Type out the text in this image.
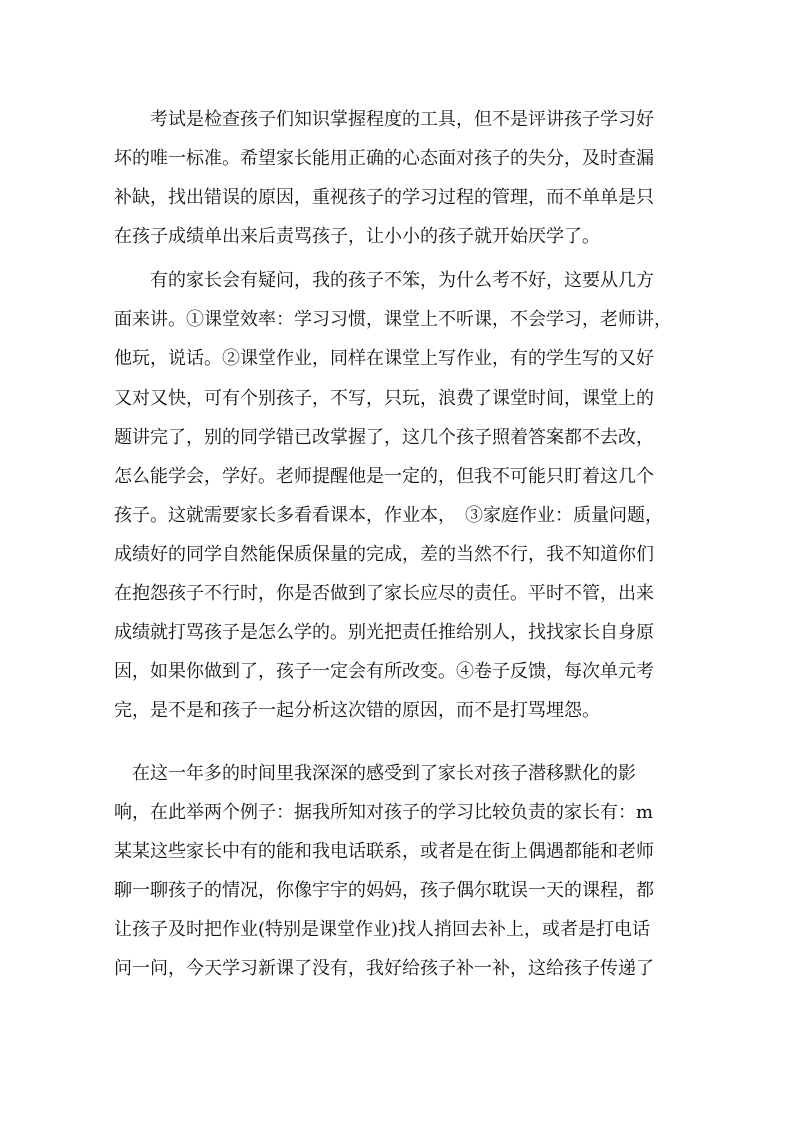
　　考试是检查孩子们知识掌握程度的工具，但不是评讲孩子学习好
坏的唯一标准。希望家长能用正确的心态面对孩子的失分，及时查漏
补缺，找出错误的原因，重视孩子的学习过程的管理，而不单单是只
在孩子成绩单出来后责骂孩子，让小小的孩子就开始厌学了。
　　有的家长会有疑问，我的孩子不笨，为什么考不好，这要从几方
面来讲。①课堂效率：学习习惯，课堂上不听课，不会学习，老师讲，
他玩，说话。②课堂作业，同样在课堂上写作业，有的学生写的又好
又对又快，可有个别孩子，不写，只玩，浪费了课堂时间，课堂上的
题讲完了，别的同学错已改掌握了，这几个孩子照着答案都不去改，
怎么能学会，学好。老师提醒他是一定的，但我不可能只盯着这几个
孩子。这就需要家长多看看课本，作业本，　③家庭作业：质量问题，
成绩好的同学自然能保质保量的完成，差的当然不行，我不知道你们
在抱怨孩子不行时，你是否做到了家长应尽的责任。平时不管，出来
成绩就打骂孩子是怎么学的。别光把责任推给别人，找找家长自身原
因，如果你做到了，孩子一定会有所改变。④卷子反馈，每次单元考
完，是不是和孩子一起分析这次错的原因，而不是打骂埋怨。
　在这一年多的时间里我深深的感受到了家长对孩子潜移默化的影
响，在此举两个例子：据我所知对孩子的学习比较负责的家长有：m
某某这些家长中有的能和我电话联系，或者是在街上偶遇都能和老师
聊一聊孩子的情况，你像宇宇的妈妈，孩子偶尔耽误一天的课程，都
让孩子及时把作业(特别是课堂作业)找人捎回去补上，或者是打电话
问一问，今天学习新课了没有，我好给孩子补一补，这给孩子传递了
